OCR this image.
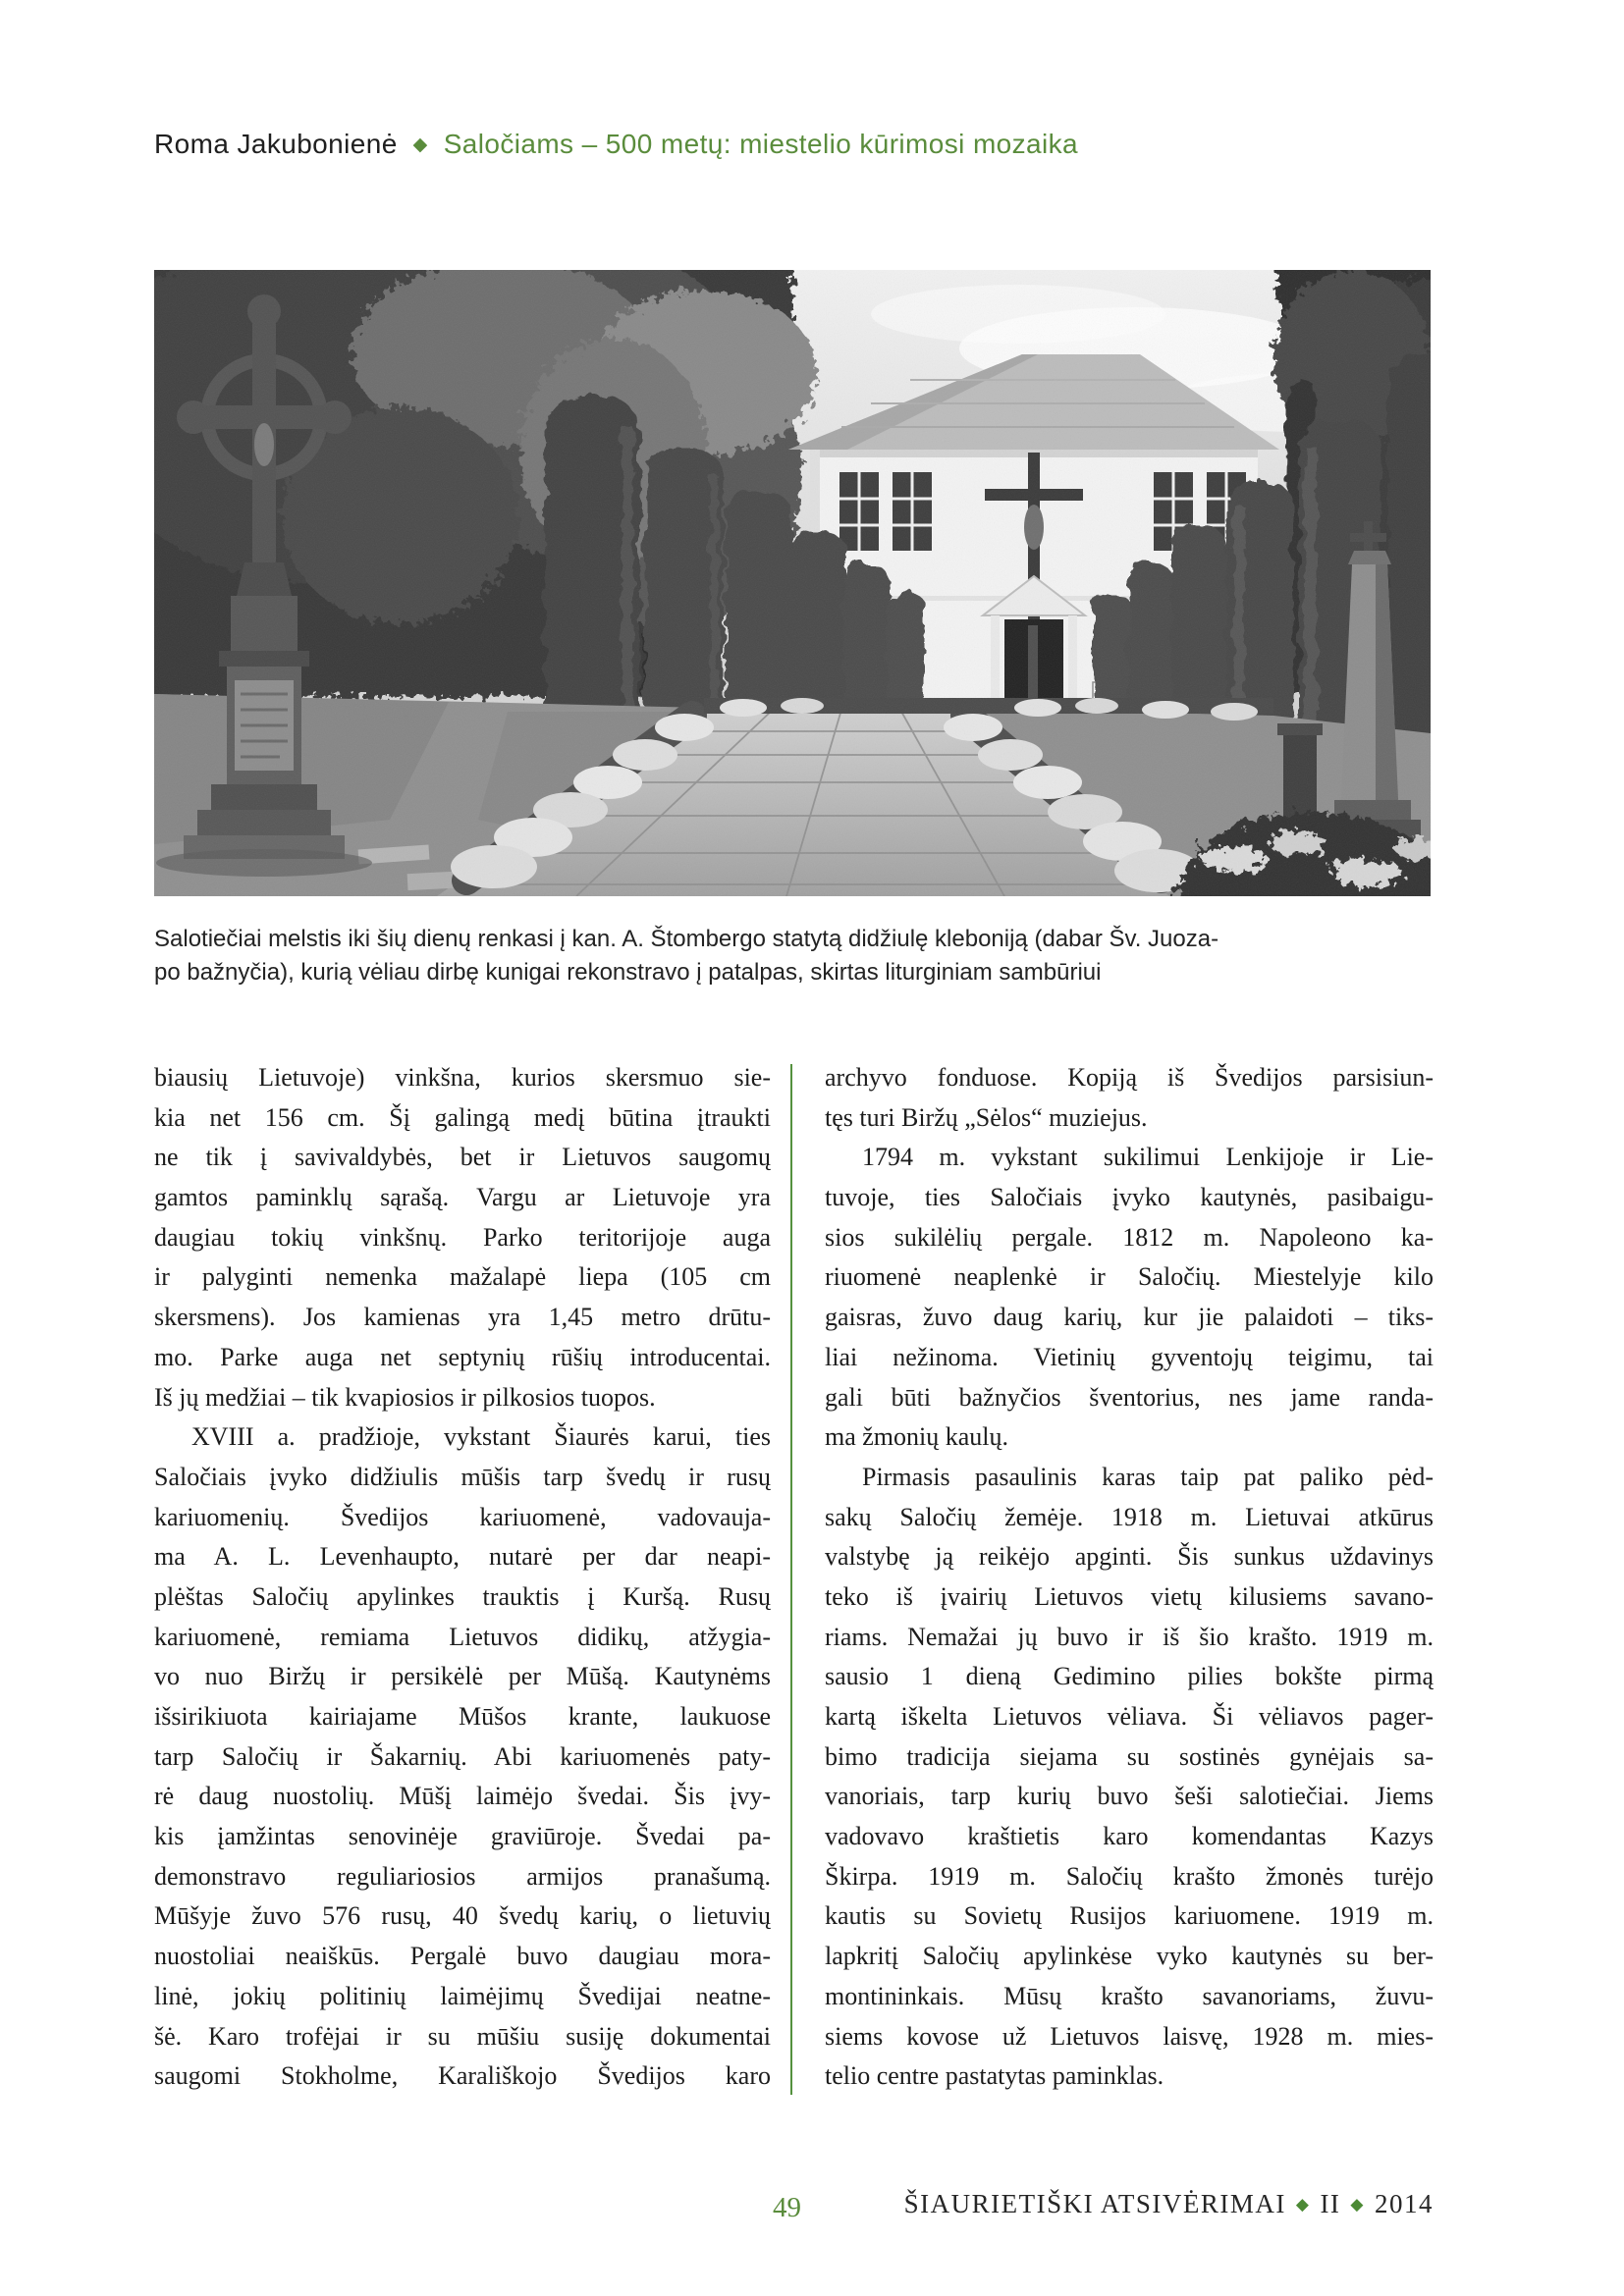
Roma Jakubonienė ◆ Saločiams – 500 metų: miestelio kūrimosi mozaika
Salotiečiai melstis iki šių dienų renkasi į kan. A. Štombergo statytą didžiulę kleboniją (dabar Šv. Juoza-
po bažnyčia), kurią vėliau dirbę kunigai rekonstravo į patalpas, skirtas liturginiam sambūriui
biausių Lietuvoje) vinkšna, kurios skersmuo sie-
kia net 156 cm. Šį galingą medį būtina įtraukti
ne tik į savivaldybės, bet ir Lietuvos saugomų
gamtos paminklų sąrašą. Vargu ar Lietuvoje yra
daugiau tokių vinkšnų. Parko teritorijoje auga
ir palyginti nemenka mažalapė liepa (105 cm
skersmens). Jos kamienas yra 1,45 metro drūtu-
mo. Parke auga net septynių rūšių introducentai.
Iš jų medžiai – tik kvapiosios ir pilkosios tuopos.
XVIII a. pradžioje, vykstant Šiaurės karui, ties
Saločiais įvyko didžiulis mūšis tarp švedų ir rusų
kariuomenių. Švedijos kariuomenė, vadovauja-
ma A. L. Levenhaupto, nutarė per dar neapi-
plėštas Saločių apylinkes trauktis į Kuršą. Rusų
kariuomenė, remiama Lietuvos didikų, atžygia-
vo nuo Biržų ir persikėlė per Mūšą. Kautynėms
išsirikiuota kairiajame Mūšos krante, laukuose
tarp Saločių ir Šakarnių. Abi kariuomenės paty-
rė daug nuostolių. Mūšį laimėjo švedai. Šis įvy-
kis įamžintas senovinėje graviūroje. Švedai pa-
demonstravo reguliariosios armijos pranašumą.
Mūšyje žuvo 576 rusų, 40 švedų karių, o lietuvių
nuostoliai neaiškūs. Pergalė buvo daugiau mora-
linė, jokių politinių laimėjimų Švedijai neatne-
šė. Karo trofėjai ir su mūšiu susiję dokumentai
saugomi Stokholme, Karališkojo Švedijos karo
archyvo fonduose. Kopiją iš Švedijos parsisiun-
tęs turi Biržų „Sėlos“ muziejus.
1794 m. vykstant sukilimui Lenkijoje ir Lie-
tuvoje, ties Saločiais įvyko kautynės, pasibaigu-
sios sukilėlių pergale. 1812 m. Napoleono ka-
riuomenė neaplenkė ir Saločių. Miestelyje kilo
gaisras, žuvo daug karių, kur jie palaidoti – tiks-
liai nežinoma. Vietinių gyventojų teigimu, tai
gali būti bažnyčios šventorius, nes jame randa-
ma žmonių kaulų.
Pirmasis pasaulinis karas taip pat paliko pėd-
sakų Saločių žemėje. 1918 m. Lietuvai atkūrus
valstybę ją reikėjo apginti. Šis sunkus uždavinys
teko iš įvairių Lietuvos vietų kilusiems savano-
riams. Nemažai jų buvo ir iš šio krašto. 1919 m.
sausio 1 dieną Gedimino pilies bokšte pirmą
kartą iškelta Lietuvos vėliava. Ši vėliavos pager-
bimo tradicija siejama su sostinės gynėjais sa-
vanoriais, tarp kurių buvo šeši salotiečiai. Jiems
vadovavo kraštietis karo komendantas Kazys
Škirpa. 1919 m. Saločių krašto žmonės turėjo
kautis su Sovietų Rusijos kariuomene. 1919 m.
lapkritį Saločių apylinkėse vyko kautynės su ber-
montininkais. Mūsų krašto savanoriams, žuvu-
siems kovose už Lietuvos laisvę, 1928 m. mies-
telio centre pastatytas paminklas.
49	ŠIAURIETIŠKI ATSIVĖRIMAI ◆ II ◆ 2014
